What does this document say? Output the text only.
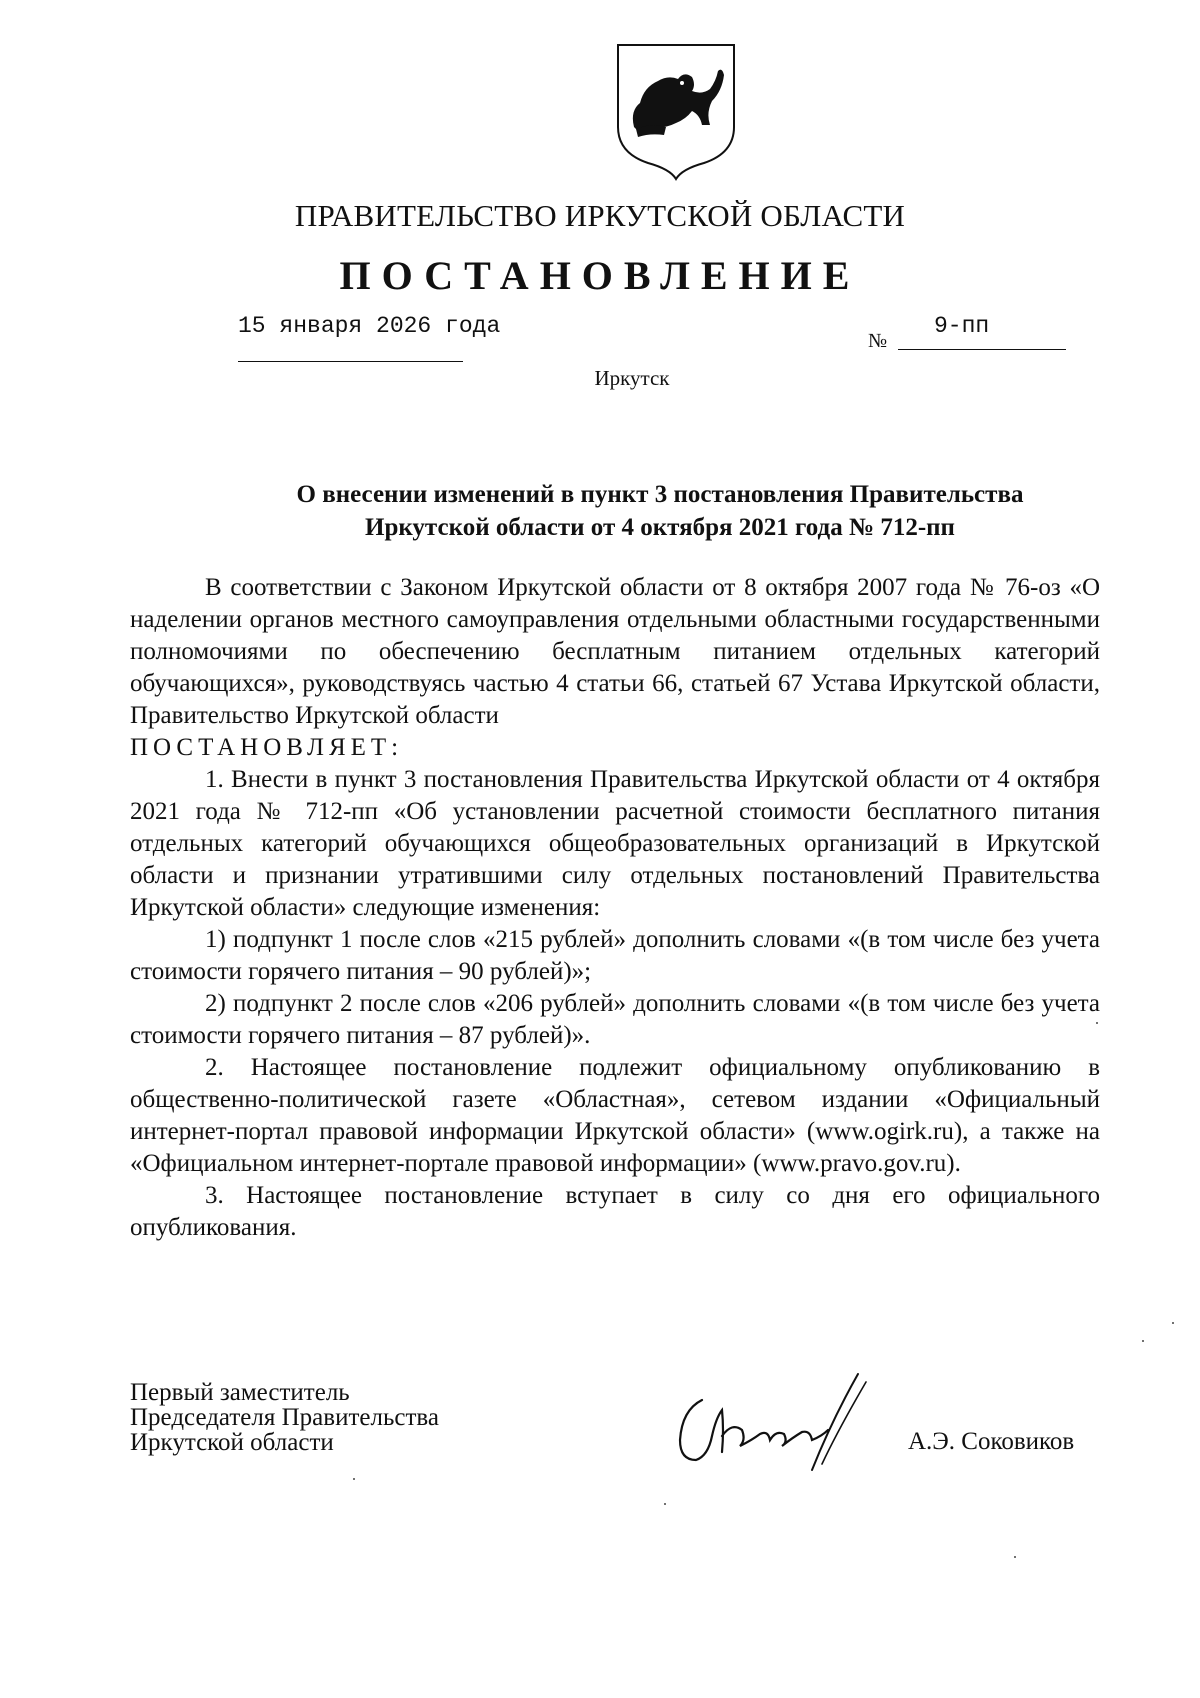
ПРАВИТЕЛЬСТВО ИРКУТСКОЙ ОБЛАСТИ
ПОСТАНОВЛЕНИЕ
15 января 2026 года
№
9-пп
Иркутск
О внесении изменений в пункт 3 постановления Правительства
Иркутской области от 4 октября 2021 года № 712-пп

В соответствии с Законом Иркутской области от 8 октября 2007 года № 76-оз «О наделении органов местного самоуправления отдельными областными государственными полномочиями по обеспечению бесплатным питанием отдельных категорий обучающихся», руководствуясь частью 4 статьи 66, статьей 67 Устава Иркутской области, Правительство Иркутской области

ПОСТАНОВЛЯЕТ:

1. Внести в пункт 3 постановления Правительства Иркутской области от 4 октября 2021 года № 712-пп «Об установлении расчетной стоимости бесплатного питания отдельных категорий обучающихся общеобразовательных организаций в Иркутской области и признании утратившими силу отдельных постановлений Правительства Иркутской области» следующие изменения:

1) подпункт 1 после слов «215 рублей» дополнить словами «(в том числе без учета стоимости горячего питания – 90 рублей)»;

2) подпункт 2 после слов «206 рублей» дополнить словами «(в том числе без учета стоимости горячего питания – 87 рублей)».

2. Настоящее постановление подлежит официальному опубликованию в общественно-политической газете «Областная», сетевом издании «Официальный интернет-портал правовой информации Иркутской области» (www.ogirk.ru), а также на «Официальном интернет-портале правовой информации» (www.pravo.gov.ru).

3. Настоящее постановление вступает в силу со дня его официального опубликования.

Первый заместитель
Председателя Правительства
Иркутской области	А.Э. Соковиков
